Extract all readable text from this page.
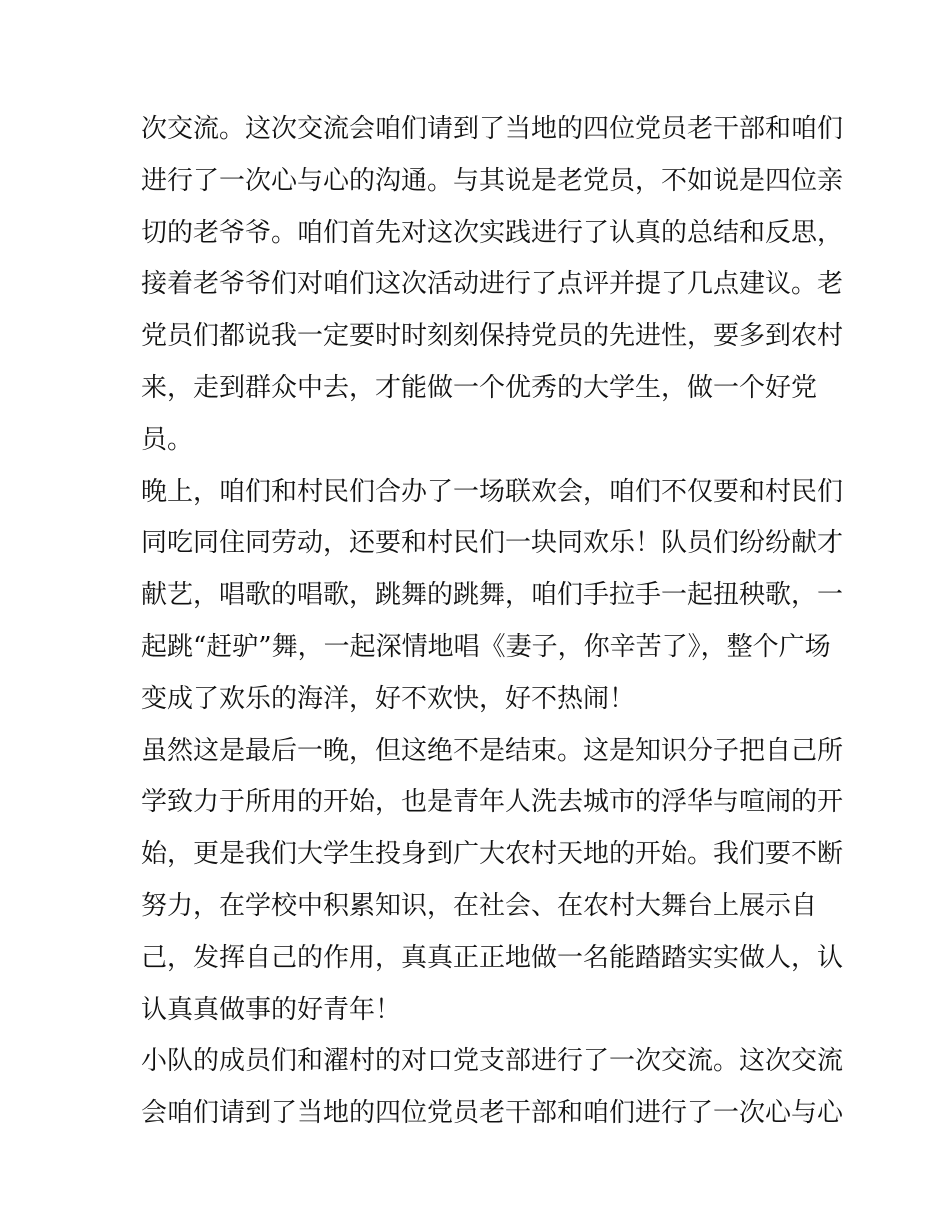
次交流。这次交流会咱们请到了当地的四位党员老干部和咱们
进行了一次心与心的沟通。与其说是老党员，不如说是四位亲
切的老爷爷。咱们首先对这次实践进行了认真的总结和反思，
接着老爷爷们对咱们这次活动进行了点评并提了几点建议。老
党员们都说我一定要时时刻刻保持党员的先进性，要多到农村
来，走到群众中去，才能做一个优秀的大学生，做一个好党
员。
晚上，咱们和村民们合办了一场联欢会，咱们不仅要和村民们
同吃同住同劳动，还要和村民们一块同欢乐！队员们纷纷献才
献艺，唱歌的唱歌，跳舞的跳舞，咱们手拉手一起扭秧歌，一
起跳“赶驴”舞，一起深情地唱《妻子，你辛苦了》，整个广场
变成了欢乐的海洋，好不欢快，好不热闹！
虽然这是最后一晚，但这绝不是结束。这是知识分子把自己所
学致力于所用的开始，也是青年人洗去城市的浮华与喧闹的开
始，更是我们大学生投身到广大农村天地的开始。我们要不断
努力，在学校中积累知识，在社会、在农村大舞台上展示自
己，发挥自己的作用，真真正正地做一名能踏踏实实做人，认
认真真做事的好青年！
小队的成员们和濯村的对口党支部进行了一次交流。这次交流
会咱们请到了当地的四位党员老干部和咱们进行了一次心与心
